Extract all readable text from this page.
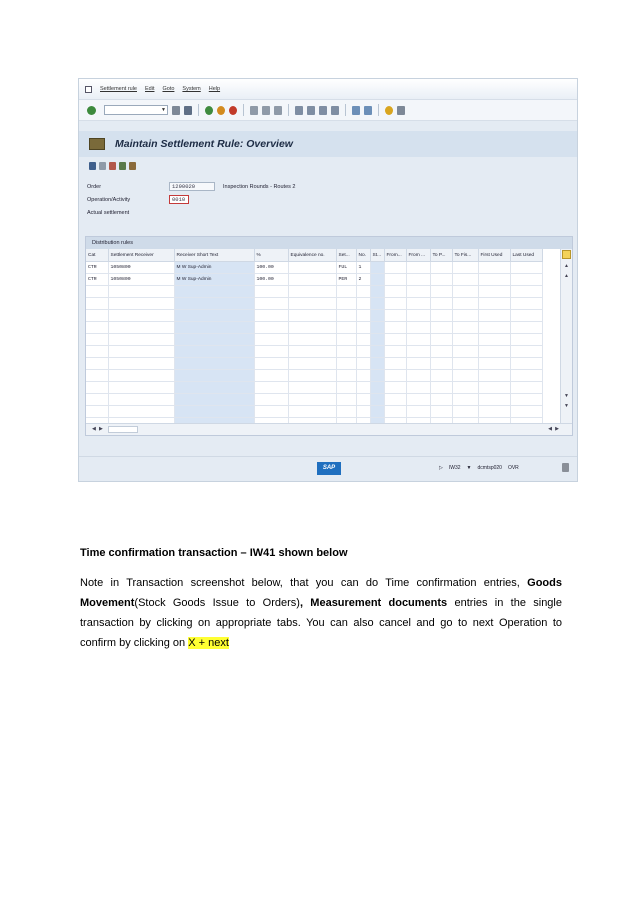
Settlement rule Edit Goto System Help
▼
Maintain Settlement Rule: Overview
Order	1290020	Inspection Rounds - Routes 2
Operation/Activity	0010
Actual settlement
Distribution rules
Cat	Settlement Receiver	Receiver Short Text	%	Equivalence no.	Set...	No.	St...	From...	From ...	To P...	To Fis...	First Used	Last Used
CTR	1050800	M W Sup-Admin	100.00		FUL	1							
CTR	1050800	M W Sup-Admin	100.00		PER	2							

▲
▲
▼
▼
◀ ▶	◀ ▶
SAP	▷ IW32 ▼ dcmtsp020 OVR
Time confirmation transaction – IW41 shown below
Note in Transaction screenshot below, that you can do Time confirmation entries, Goods Movement(Stock Goods Issue to Orders), Measurement documents entries in the single transaction by clicking on appropriate tabs. You can also cancel and go to next Operation to confirm by clicking on X + next
